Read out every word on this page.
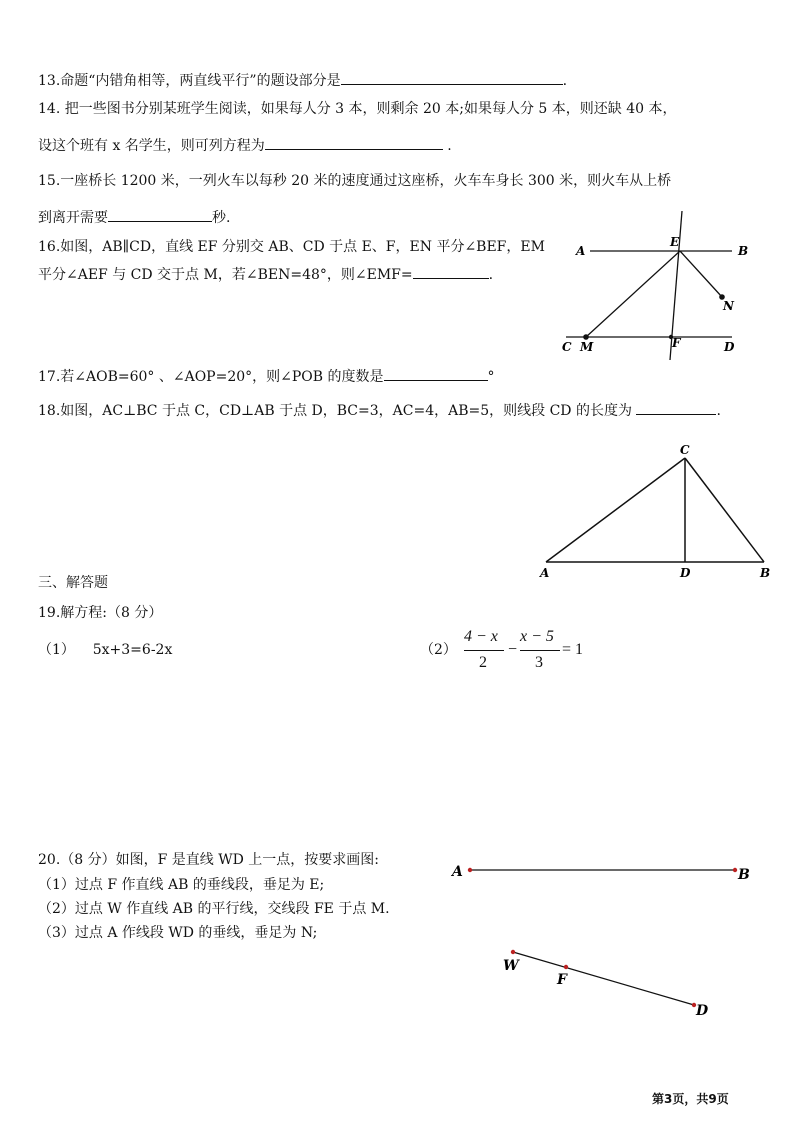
13.命题“内错角相等，两直线平行”的题设部分是	.
14. 把一些图书分别某班学生阅读，如果每人分 3 本，则剩余 20 本;如果每人分 5 本，则还缺 40 本，
设这个班有 x 名学生，则可列方程为	.
15.一座桥长 1200 米，一列火车以每秒 20 米的速度通过这座桥，火车车身长 300 米，则火车从上桥
到离开需要	秒.
16.如图，AB∥CD，直线 EF 分别交 AB、CD 于点 E、F，EN 平分∠BEF，EM
平分∠AEF 与 CD 交于点 M，若∠BEN=48°，则∠EMF=	.
A	B
E
N
C M	F	D
17.若∠AOB=60° 、∠AOP=20°，则∠POB 的度数是	°
18.如图，AC⊥BC 于点 C，CD⊥AB 于点 D，BC=3，AC=4，AB=5，则线段 CD 的长度为	.
C
A	D	B
三、解答题
19.解方程:（8 分）
（1） 5x+3=6-2x	（2）
4 − x
2
−
x − 5
3
= 1
20.（8 分）如图，F 是直线 WD 上一点，按要求画图:
（1）过点 F 作直线 AB 的垂线段，垂足为 E;
（2）过点 W 作直线 AB 的平行线，交线段 FE 于点 M.
（3）过点 A 作线段 WD 的垂线，垂足为 N;
A	B
W
F
D
第3页，共9页
